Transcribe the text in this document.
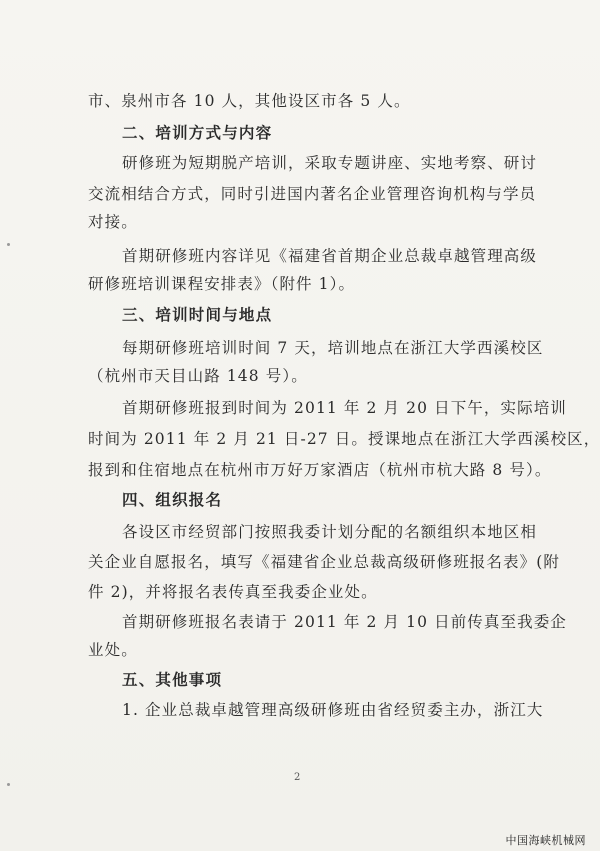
市、泉州市各 10 人，其他设区市各 5 人。
二、培训方式与内容
研修班为短期脱产培训，采取专题讲座、实地考察、研讨
交流相结合方式，同时引进国内著名企业管理咨询机构与学员
对接。
首期研修班内容详见《福建省首期企业总裁卓越管理高级
研修班培训课程安排表》（附件 1）。
三、培训时间与地点
每期研修班培训时间 7 天，培训地点在浙江大学西溪校区
（杭州市天目山路 148 号）。
首期研修班报到时间为 2011 年 2 月 20 日下午，实际培训
时间为 2011 年 2 月 21 日-27 日。授课地点在浙江大学西溪校区，
报到和住宿地点在杭州市万好万家酒店（杭州市杭大路 8 号）。
四、组织报名
各设区市经贸部门按照我委计划分配的名额组织本地区相
关企业自愿报名，填写《福建省企业总裁高级研修班报名表》(附
件 2)，并将报名表传真至我委企业处。
首期研修班报名表请于 2011 年 2 月 10 日前传真至我委企
业处。
五、其他事项
1. 企业总裁卓越管理高级研修班由省经贸委主办，浙江大
2
中国海峡机械网
